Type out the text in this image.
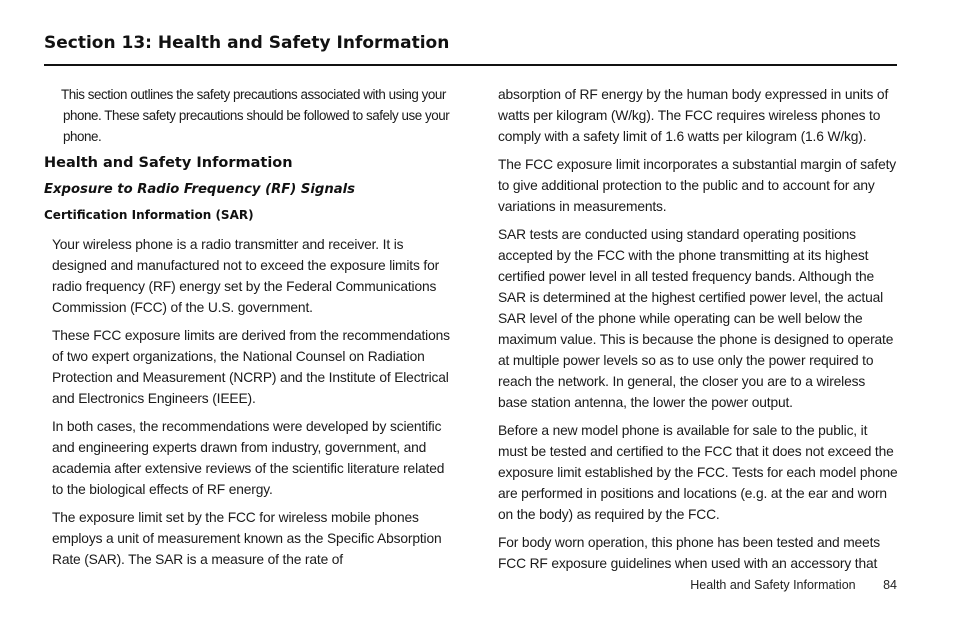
Section 13: Health and Safety Information

This section outlines the safety precautions associated with using your phone. These safety precautions should be followed to safely use your phone.

Health and Safety Information
Exposure to Radio Frequency (RF) Signals
Certification Information (SAR)

Your wireless phone is a radio transmitter and receiver. It is designed and manufactured not to exceed the exposure limits for radio frequency (RF) energy set by the Federal Communications Commission (FCC) of the U.S. government.

These FCC exposure limits are derived from the recommendations of two expert organizations, the National Counsel on Radiation Protection and Measurement (NCRP) and the Institute of Electrical and Electronics Engineers (IEEE).

In both cases, the recommendations were developed by scientific and engineering experts drawn from industry, government, and academia after extensive reviews of the scientific literature related to the biological effects of RF energy.

The exposure limit set by the FCC for wireless mobile phones employs a unit of measurement known as the Specific Absorption Rate (SAR). The SAR is a measure of the rate of

absorption of RF energy by the human body expressed in units of watts per kilogram (W/kg). The FCC requires wireless phones to comply with a safety limit of 1.6 watts per kilogram (1.6 W/kg).

The FCC exposure limit incorporates a substantial margin of safety to give additional protection to the public and to account for any variations in measurements.

SAR tests are conducted using standard operating positions accepted by the FCC with the phone transmitting at its highest certified power level in all tested frequency bands. Although the SAR is determined at the highest certified power level, the actual SAR level of the phone while operating can be well below the maximum value. This is because the phone is designed to operate at multiple power levels so as to use only the power required to reach the network. In general, the closer you are to a wireless base station antenna, the lower the power output.

Before a new model phone is available for sale to the public, it must be tested and certified to the FCC that it does not exceed the exposure limit established by the FCC. Tests for each model phone are performed in positions and locations (e.g. at the ear and worn on the body) as required by the FCC.

For body worn operation, this phone has been tested and meets FCC RF exposure guidelines when used with an accessory that

Health and Safety Information 84
